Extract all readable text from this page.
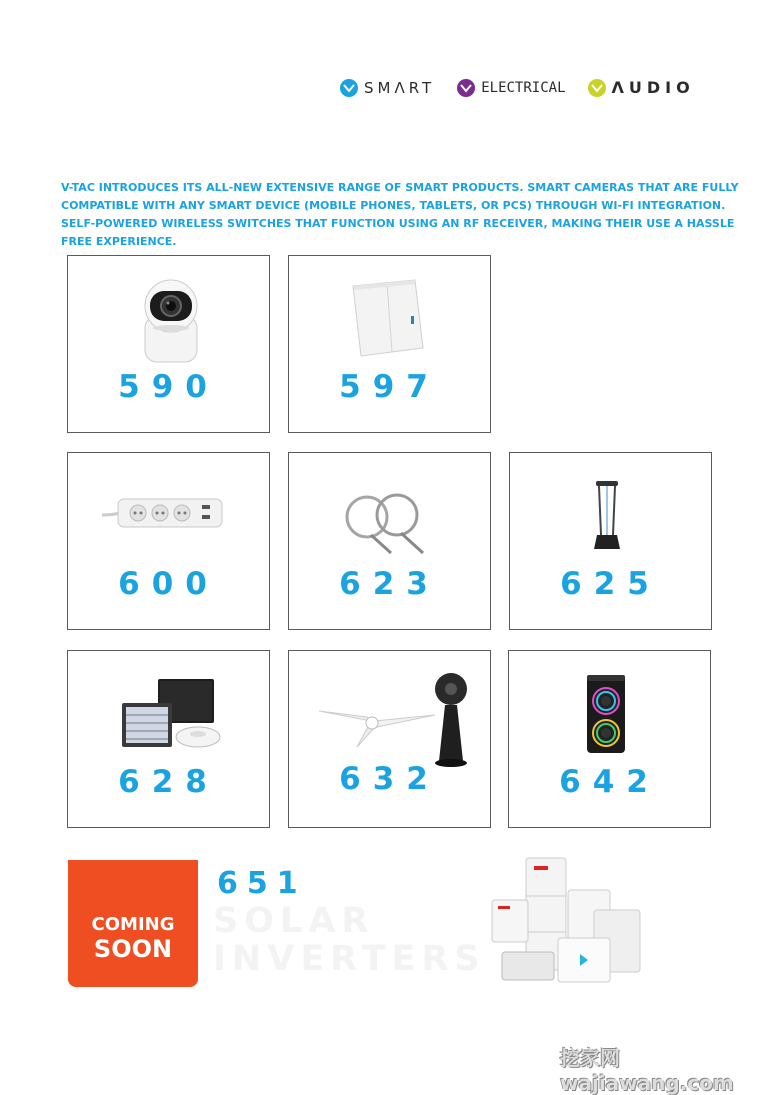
SMΛRT	ELECTRICAL	ΛUDIO
V-TAC INTRODUCES ITS ALL-NEW EXTENSIVE RANGE OF SMART PRODUCTS. SMART CAMERAS THAT ARE FULLY COMPATIBLE WITH ANY SMART DEVICE (MOBILE PHONES, TABLETS, OR PCS) THROUGH WI-FI INTEGRATION. SELF-POWERED WIRELESS SWITCHES THAT FUNCTION USING AN RF RECEIVER, MAKING THEIR USE A HASSLE FREE EXPERIENCE.
590	597
600	623	625
628	632	642
COMING
SOON
651
SOLAR
INVERTERS
挖家网 wajiawang.com
